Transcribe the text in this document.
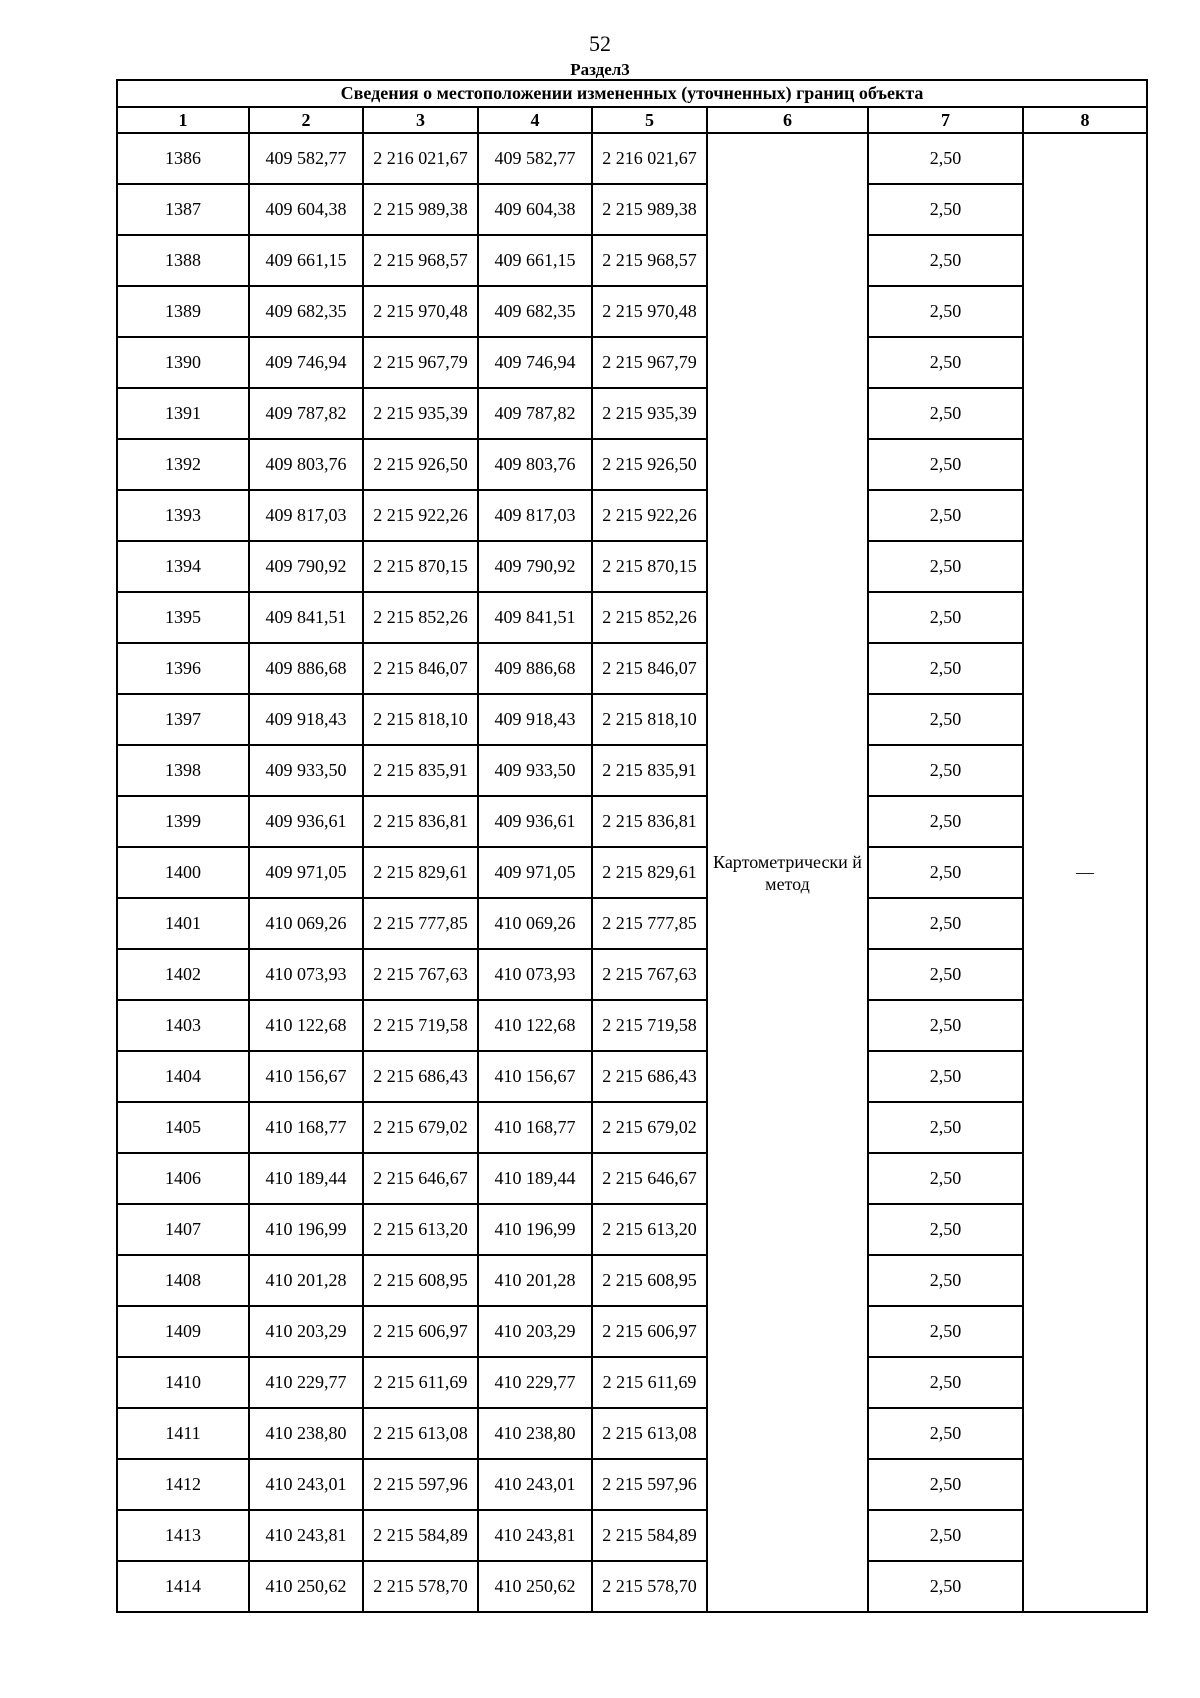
52
Раздел3
Сведения о местоположении измененных (уточненных) границ объекта							
1	2	3	4	5	6	7	8
1386	409 582,77	2 216 021,67	409 582,77	2 216 021,67	Картометрически й метод	2,50	—
1387	409 604,38	2 215 989,38	409 604,38	2 215 989,38		2,50	
1388	409 661,15	2 215 968,57	409 661,15	2 215 968,57		2,50	
1389	409 682,35	2 215 970,48	409 682,35	2 215 970,48		2,50	
1390	409 746,94	2 215 967,79	409 746,94	2 215 967,79		2,50	
1391	409 787,82	2 215 935,39	409 787,82	2 215 935,39		2,50	
1392	409 803,76	2 215 926,50	409 803,76	2 215 926,50		2,50	
1393	409 817,03	2 215 922,26	409 817,03	2 215 922,26		2,50	
1394	409 790,92	2 215 870,15	409 790,92	2 215 870,15		2,50	
1395	409 841,51	2 215 852,26	409 841,51	2 215 852,26		2,50	
1396	409 886,68	2 215 846,07	409 886,68	2 215 846,07		2,50	
1397	409 918,43	2 215 818,10	409 918,43	2 215 818,10		2,50	
1398	409 933,50	2 215 835,91	409 933,50	2 215 835,91		2,50	
1399	409 936,61	2 215 836,81	409 936,61	2 215 836,81		2,50	
1400	409 971,05	2 215 829,61	409 971,05	2 215 829,61		2,50	
1401	410 069,26	2 215 777,85	410 069,26	2 215 777,85		2,50	
1402	410 073,93	2 215 767,63	410 073,93	2 215 767,63		2,50	
1403	410 122,68	2 215 719,58	410 122,68	2 215 719,58		2,50	
1404	410 156,67	2 215 686,43	410 156,67	2 215 686,43		2,50	
1405	410 168,77	2 215 679,02	410 168,77	2 215 679,02		2,50	
1406	410 189,44	2 215 646,67	410 189,44	2 215 646,67		2,50	
1407	410 196,99	2 215 613,20	410 196,99	2 215 613,20		2,50	
1408	410 201,28	2 215 608,95	410 201,28	2 215 608,95		2,50	
1409	410 203,29	2 215 606,97	410 203,29	2 215 606,97		2,50	
1410	410 229,77	2 215 611,69	410 229,77	2 215 611,69		2,50	
1411	410 238,80	2 215 613,08	410 238,80	2 215 613,08		2,50	
1412	410 243,01	2 215 597,96	410 243,01	2 215 597,96		2,50	
1413	410 243,81	2 215 584,89	410 243,81	2 215 584,89		2,50	
1414	410 250,62	2 215 578,70	410 250,62	2 215 578,70		2,50	
